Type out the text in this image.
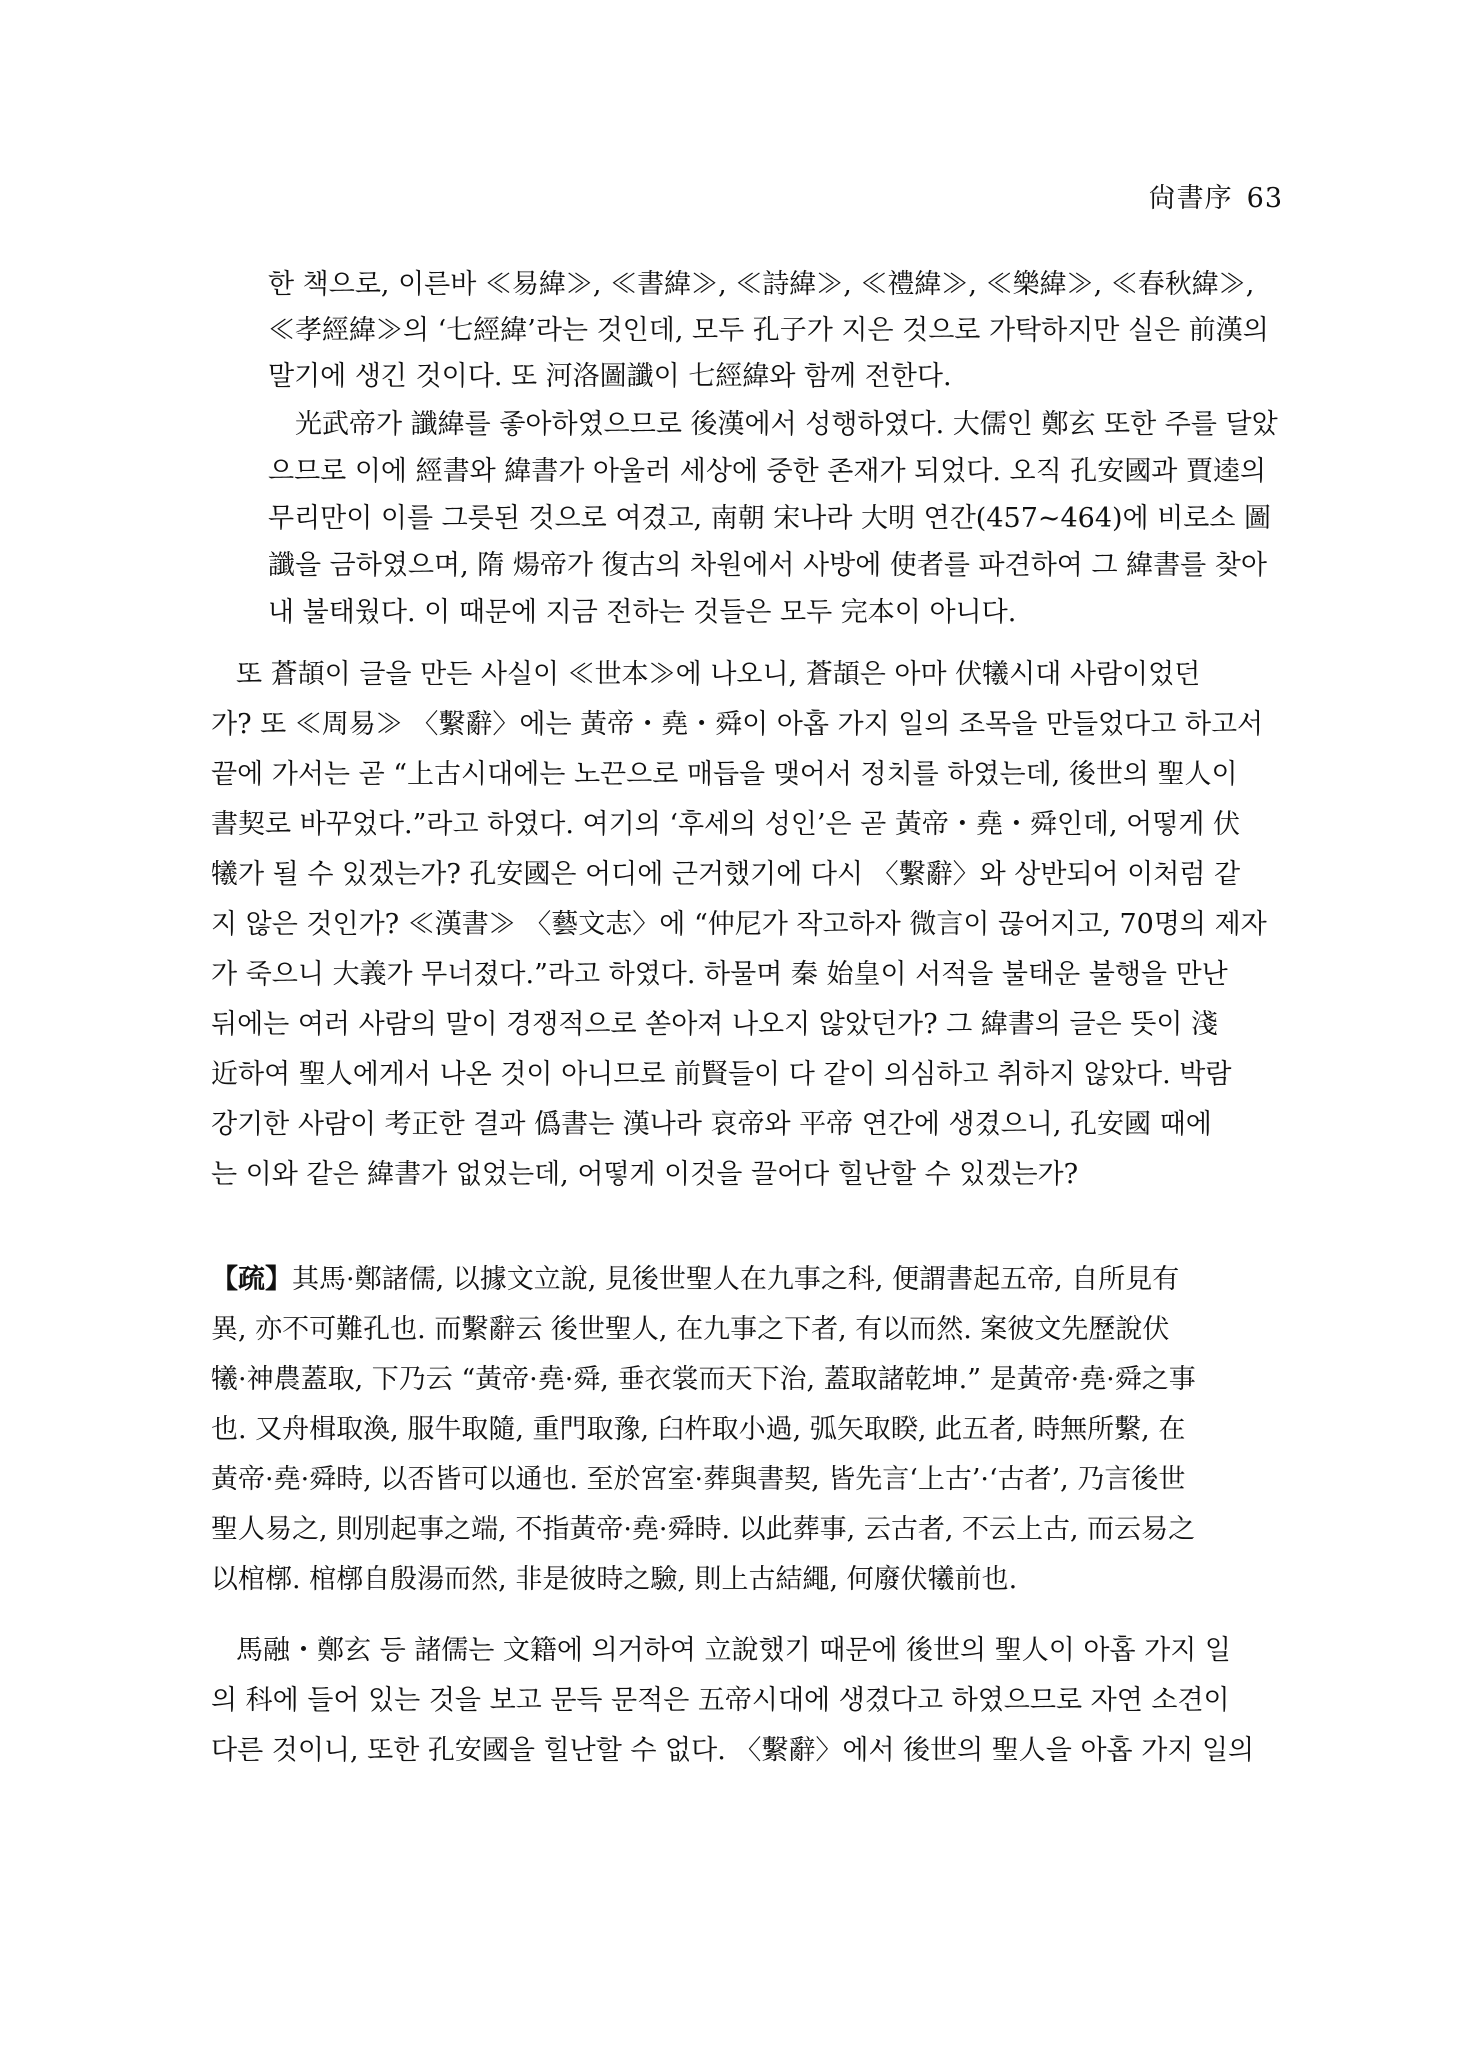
尙書序 63
한 책으로, 이른바 ≪易緯≫, ≪書緯≫, ≪詩緯≫, ≪禮緯≫, ≪樂緯≫, ≪春秋緯≫,
≪孝經緯≫의 ‘七經緯’라는 것인데, 모두 孔子가 지은 것으로 가탁하지만 실은 前漢의
말기에 생긴 것이다. 또 河洛圖讖이 七經緯와 함께 전한다.
光武帝가 讖緯를 좋아하였으므로 後漢에서 성행하였다. 大儒인 鄭玄 또한 주를 달았
으므로 이에 經書와 緯書가 아울러 세상에 중한 존재가 되었다. 오직 孔安國과 賈逵의
무리만이 이를 그릇된 것으로 여겼고, 南朝 宋나라 大明 연간(457~464)에 비로소 圖
讖을 금하였으며, 隋 煬帝가 復古의 차원에서 사방에 使者를 파견하여 그 緯書를 찾아
내 불태웠다. 이 때문에 지금 전하는 것들은 모두 完本이 아니다.
또 蒼頡이 글을 만든 사실이 ≪世本≫에 나오니, 蒼頡은 아마 伏犧시대 사람이었던
가? 또 ≪周易≫ 〈繫辭〉에는 黃帝・堯・舜이 아홉 가지 일의 조목을 만들었다고 하고서
끝에 가서는 곧 “上古시대에는 노끈으로 매듭을 맺어서 정치를 하였는데, 後世의 聖人이
書契로 바꾸었다.”라고 하였다. 여기의 ‘후세의 성인’은 곧 黃帝・堯・舜인데, 어떻게 伏
犧가 될 수 있겠는가? 孔安國은 어디에 근거했기에 다시 〈繫辭〉와 상반되어 이처럼 같
지 않은 것인가? ≪漢書≫ 〈藝文志〉에 “仲尼가 작고하자 微言이 끊어지고, 70명의 제자
가 죽으니 大義가 무너졌다.”라고 하였다. 하물며 秦 始皇이 서적을 불태운 불행을 만난
뒤에는 여러 사람의 말이 경쟁적으로 쏟아져 나오지 않았던가? 그 緯書의 글은 뜻이 淺
近하여 聖人에게서 나온 것이 아니므로 前賢들이 다 같이 의심하고 취하지 않았다. 박람
강기한 사람이 考正한 결과 僞書는 漢나라 哀帝와 平帝 연간에 생겼으니, 孔安國 때에
는 이와 같은 緯書가 없었는데, 어떻게 이것을 끌어다 힐난할 수 있겠는가?
【疏】其馬·鄭諸儒, 以據文立說, 見後世聖人在九事之科, 便謂書起五帝, 自所見有
異, 亦不可難孔也. 而繫辭云 後世聖人, 在九事之下者, 有以而然. 案彼文先歷說伏
犧·神農蓋取, 下乃云 “黃帝·堯·舜, 垂衣裳而天下治, 蓋取諸乾坤.” 是黃帝·堯·舜之事
也. 又舟楫取渙, 服牛取隨, 重門取豫, 臼杵取小過, 弧矢取睽, 此五者, 時無所繫, 在
黃帝·堯·舜時, 以否皆可以通也. 至於宮室·葬與書契, 皆先言‘上古’·‘古者’, 乃言後世
聖人易之, 則別起事之端, 不指黃帝·堯·舜時. 以此葬事, 云古者, 不云上古, 而云易之
以棺槨. 棺槨自殷湯而然, 非是彼時之驗, 則上古結繩, 何廢伏犧前也.
馬融・鄭玄 등 諸儒는 文籍에 의거하여 立說했기 때문에 後世의 聖人이 아홉 가지 일
의 科에 들어 있는 것을 보고 문득 문적은 五帝시대에 생겼다고 하였으므로 자연 소견이
다른 것이니, 또한 孔安國을 힐난할 수 없다. 〈繫辭〉에서 後世의 聖人을 아홉 가지 일의
